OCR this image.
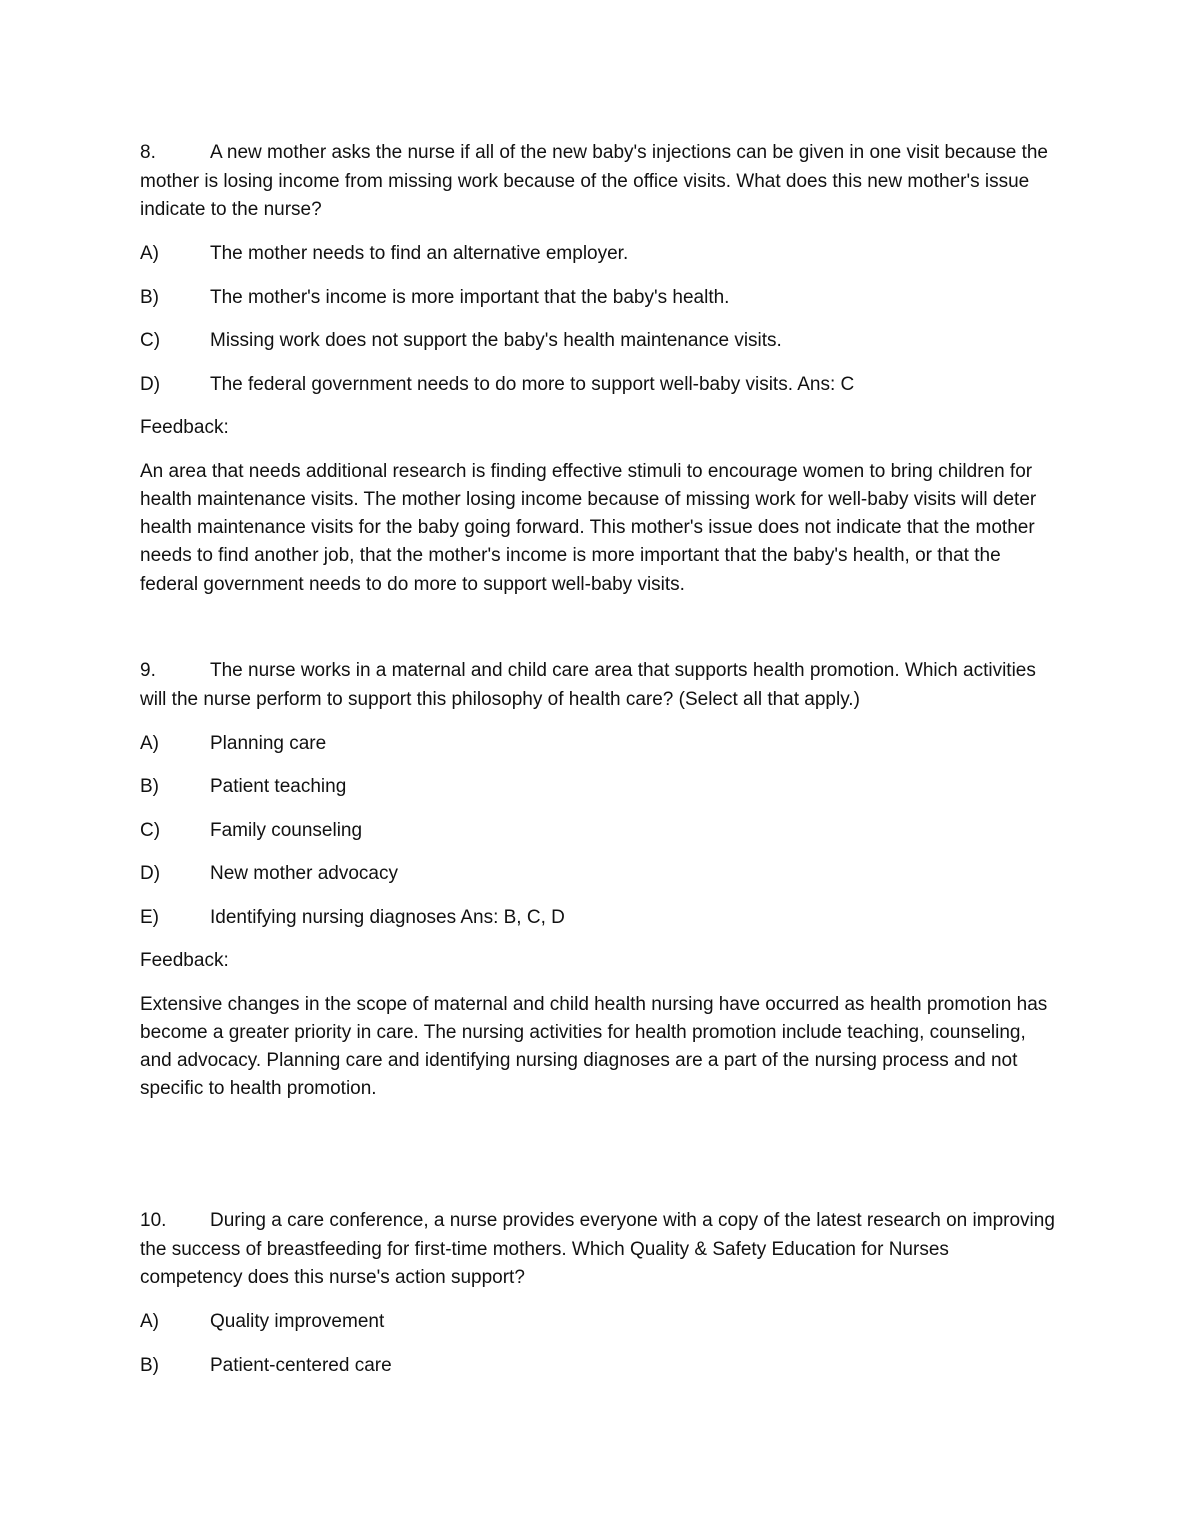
8.	A new mother asks the nurse if all of the new baby's injections can be given in one visit because the mother is losing income from missing work because of the office visits. What does this new mother's issue indicate to the nurse?

A)	The mother needs to find an alternative employer.
B)	The mother's income is more important that the baby's health.
C)	Missing work does not support the baby's health maintenance visits.
D)	The federal government needs to do more to support well-baby visits. Ans: C
Feedback:
An area that needs additional research is finding effective stimuli to encourage women to bring children for health maintenance visits. The mother losing income because of missing work for well-baby visits will deter health maintenance visits for the baby going forward. This mother's issue does not indicate that the mother needs to find another job, that the mother's income is more important that the baby's health, or that the federal government needs to do more to support well-baby visits.

9.	The nurse works in a maternal and child care area that supports health promotion. Which activities will the nurse perform to support this philosophy of health care? (Select all that apply.)

A)	Planning care
B)	Patient teaching
C)	Family counseling
D)	New mother advocacy
E)	Identifying nursing diagnoses Ans: B, C, D
Feedback:
Extensive changes in the scope of maternal and child health nursing have occurred as health promotion has become a greater priority in care. The nursing activities for health promotion include teaching, counseling, and advocacy. Planning care and identifying nursing diagnoses are a part of the nursing process and not specific to health promotion.

10. During a care conference, a nurse provides everyone with a copy of the latest research on improving the success of breastfeeding for first-time mothers. Which Quality & Safety Education for Nurses competency does this nurse's action support?

A)	Quality improvement
B)	Patient-centered care
